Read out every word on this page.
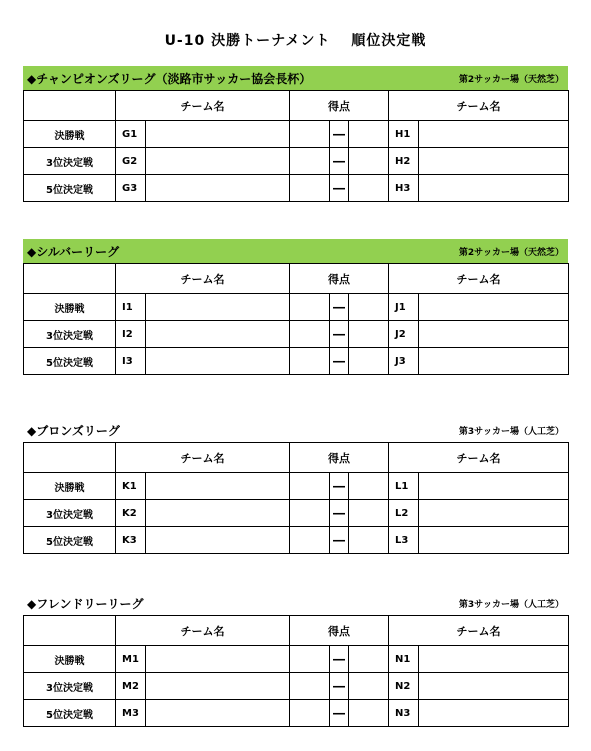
U-10 決勝トーナメント　 順位決定戦
◆チャンピオンズリーグ（淡路市サッカー協会長杯）	第2サッカー場（天然芝）
	チーム名		得点			チーム名	
決勝戦	G1			―		H1	
3位決定戦	G2			―		H2	
5位決定戦	G3			―		H3	
◆シルバーリーグ	第2サッカー場（天然芝）
	チーム名		得点			チーム名	
決勝戦	I1			―		J1	
3位決定戦	I2			―		J2	
5位決定戦	I3			―		J3	
◆ブロンズリーグ	第3サッカー場（人工芝）
	チーム名		得点			チーム名	
決勝戦	K1			―		L1	
3位決定戦	K2			―		L2	
5位決定戦	K3			―		L3	
◆フレンドリーリーグ	第3サッカー場（人工芝）
	チーム名		得点			チーム名	
決勝戦	M1			―		N1	
3位決定戦	M2			―		N2	
5位決定戦	M3			―		N3	
